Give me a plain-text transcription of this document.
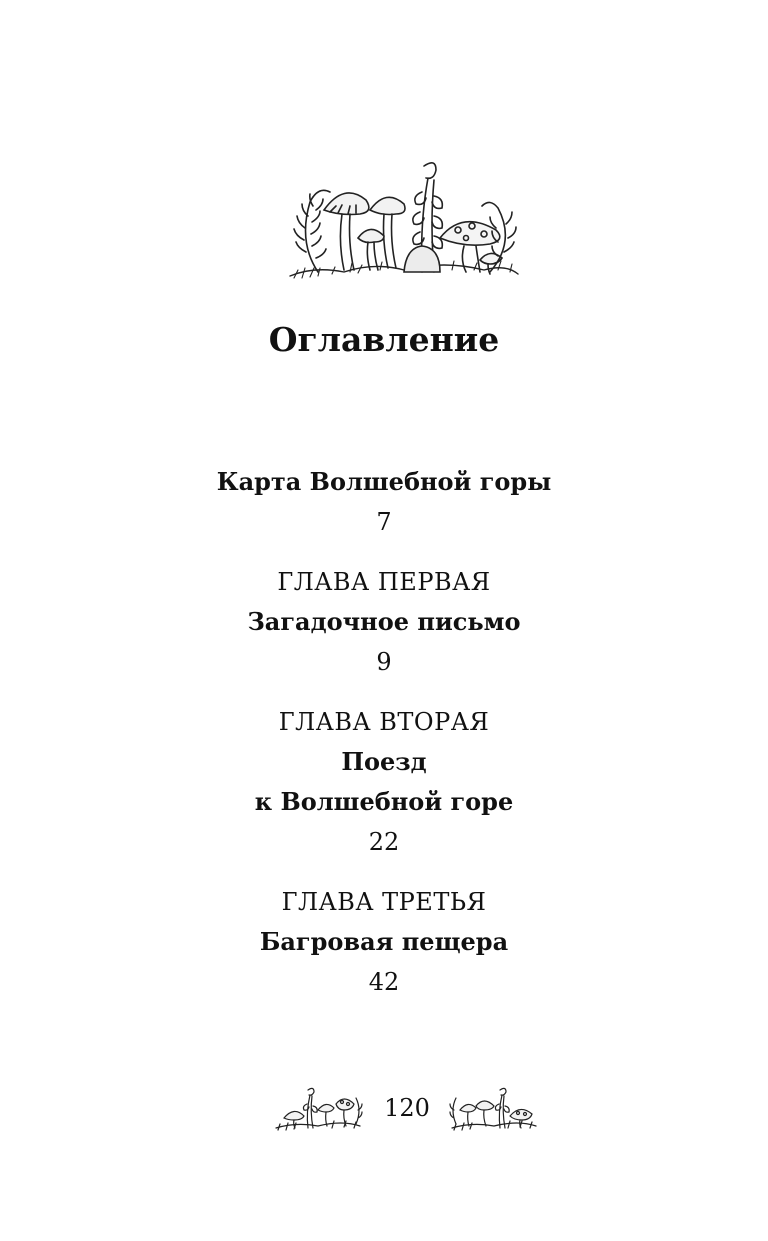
Оглавление
Карта Волшебной горы
7
ГЛАВА ПЕРВАЯ
Загадочное письмо
9
ГЛАВА ВТОРАЯ
Поезд
к Волшебной горе
22
ГЛАВА ТРЕТЬЯ
Багровая пещера
42
120
